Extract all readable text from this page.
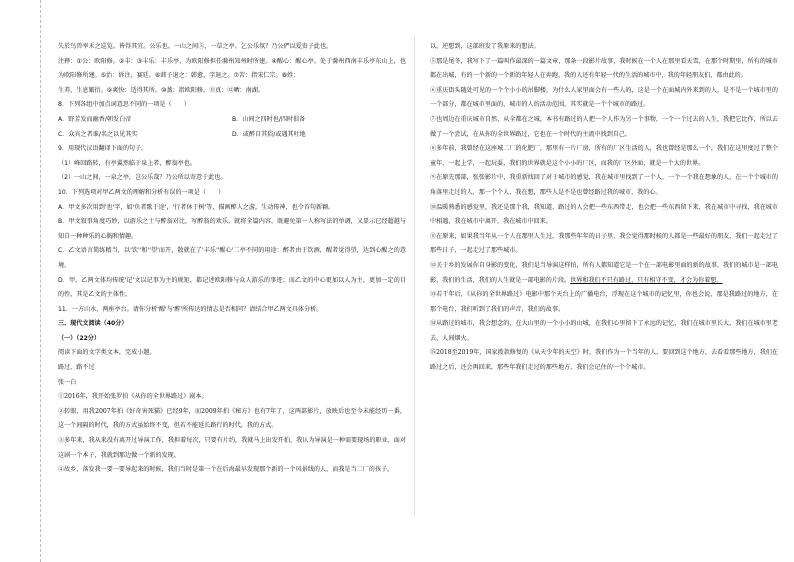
失於鸟兽率禾之巡览。皆得其宜。公乐也。一山之间⑤，一草之亭。乞公乐氛？乃公俨以爱贵子此也。

注释：①公：欧阳修。②丰：③丰乐：丰乐亭，为欧阳修担任滁州知州时所建。④醒心：醒心亭。处于滁州西南丰乐亭东山上，也为欧阳修所建。⑤治：诉注、赛廷。⑥韩子退之：韩愈，字退之。⑦苦：指宋仁宗。⑧姓：

生养、生息繁衍。⑨爽快：适得其所。⑩蒸：指欧阳修。⑪真：⑫晒：南湖。

8．下列各组中加点词意思不同的一项是（　　）

A．野芳发而幽香/朝发白帝	B．山间之四时也/四时俱备
C．众宾之者谁/名之以见其实	D．或醉自其俗/或遇其吐地

9．用现代汉语翻译下面的句子。

（1）峰回路转，有亭翼然临于泉上者，醉翁亭也。

（2）一山之间，一泉之亭，岂公乐哉？乃公所以寄意于此也。

10．下列选项对甲乙两文的理解和分析有误的一项是（　　）

A．甲文多次用到'也'字，如'负者歌于途'，'行者休于树'等，描画醉人之游，生动传神，也令首句新颖。

B．甲文叙事角度巧妙，以游乐之士与醉翁对比，写醉翁的欢乐。就将全篇内容，既避免第一人称写法的单调，又显示已经超越与知自一种种乐的心胸和情趣。

C．乙文语言简练精当，以'饮''和''望'而开，散就在了'丰乐''醒心'二亭不同的用途：醉者由于饮酒，醒者觉得望，达到心醒之的意境。

D．甲、乙两文体均传统'记'文以记事为主的规矩，都记述欧阳修与众人游乐的事迹；而乙文的中心更加以人为主，更加一定的目的性、其是乙文的主体性。

11．一方山水，两座亭台。请你分析'醒'与'醉'所传达的情志是否相同？请结合甲乙两文具体分析。

三、现代文阅读（40分）

（一）（22分）

阅读下面的文学类文本，完成小题。

路过，路不过

张一白

①2016年，我开始张罗拍《从你的全世界路过》剧本。

②转眼，用我2007年拍《好奇害死猫》已经9年，而2009年拍《秘方》也有7年了，这两部影片，放映后也至今未能经历一番，这一个间隔的时代，我的方式虽始终不变，但若不能延长路行的时代，我的方式。

③多年来，我从来没有离开过导演工作，我担着每次，只要有片约，我就马上出发开拍，我认为导演是一种需要现场的职业，面对这剧一个本子，我就到那边做一个新的发现。

④故乡，落发我一要一要导起来的时候，我们当时是第一个在后海最早发现那个新的一个风景线的人，而我是当二厂的孩子。

以、逆想到，这部班发了我原来的想法。

⑤那是尾冬，我写下了一篇叫作最深的一篇文章，那条一段影片故事，我时候在一个人在那里看天雪，在那个时期里，所有的城市都在出城，有的一个新的一个新的年轻人在奔跑，我的人还有年轻一代的生活的城市中，我的年轻朋友们，都由此的。

⑥重庆街头随处可见的一个个小小的吊脚楼，为什么人家里面会有一些人的，这是一个在面城内外来到的人，是不是一个城市里的一个部分，都在城市里面的，城市的人的活动范围，其实就是一个个城市的路过。

⑦也周边在重庆城市自然，从全都在之城，本书有路过的人把一个人作为另一个事物，一个一个过去的人生，我把它比作，所以去做了一个尝试，在从你的全世界路过，它也在一个时代的主流中找到自己。

⑧多年前，我曾经在这座城二厂的化肥厂，那里有一片厂房，所有的厂区生活的人，我也曾经是那么一个，我们在这里度过了整个童年，一起上学，一起玩耍，我们的世界就是这个小小的厂区，而我的厂区外面，就是一个大的世界。

⑨在原先那部，张张影片中，我重新找回了对于城市的感觉，我在城市里找到了一个人，一个一个我在想象的人，在一个个城市的角落里走过的人，那一个个人，我在想，那些人是不是也曾经路过我的城市，我的心。

⑩温暖熟悉的感觉里，我还是那个我，我知道，路过的人会把一些东西带走，也会把一些东西留下来，我在城市中寻找，我在城市中相遇，我在城市中离开，我在城市中回来。

⑪在原来，如果我当年从一个人在那里人生过，我那些年年的日子里，我会觉得那时候的人都是一些最好的朋友，我们一起走过了那些日子，一起走过了那些城市。

⑫关于乡的发展你自身影的变化，我们是当导演这样拍，所有人都知道它是一个在一部电影里面的新的故事，我们的城市是一部电影，我们的生活，我们的人生就是一部电影的片段。世界和我们不只有路过，只有相守不变，才会为你着想。

⑬若干年后，《从你的全世界路过》电影中那个天台上的广播电台，浮现在这个城市的记忆里，你也会说，那是我路过的地方，在那个电台，我们听到了我们的声音，我们的故事。

⑭从路过的城市，我会想念的，在大山里的一个小小的山城，在我们心里留下了永远的记忆，我们在城市里长大，我们在城市里老去，人间烟火。

⑮2018至2019年，国家拨款修复的《从天少年的天空》时，我们作为一个当年的人，要回到这个地方，去看看那些地方，我们在路过之后，还会再回来，那些年我们走过的那些地方，我们会记住的一个个城市。
